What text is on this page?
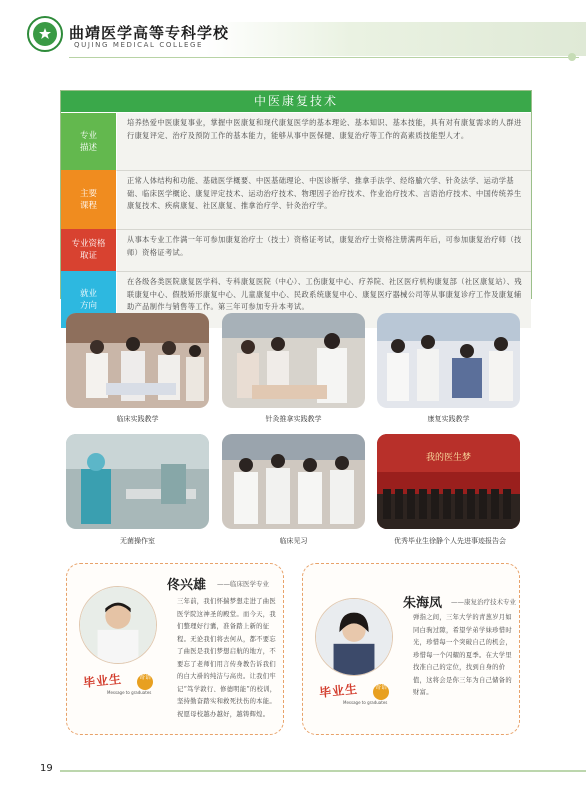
曲靖医学高等专科学校
QUJING MEDICAL COLLEGE
中医康复技术
专业
描述
培养热爱中医康复事业，掌握中医康复和现代康复医学的基本理论、基本知识、基本技能，具有对有康复需求的人群进行康复评定、治疗及预防工作的基本能力，能够从事中医保健、康复治疗等工作的高素质技能型人才。
主要
课程
正常人体结构和功能、基础医学概要、中医基础理论、中医诊断学、推拿手法学、经络腧穴学、针灸法学、运动学基础、临床医学概论、康复评定技术、运动治疗技术、物理因子治疗技术、作业治疗技术、言语治疗技术、中国传统养生康复技术、疾病康复、社区康复、推拿治疗学、针灸治疗学。
专业资格
取证
从事本专业工作满一年可参加康复治疗士（技士）资格证考试，康复治疗士资格注册满两年后，可参加康复治疗师（技师）资格证考试。
就业
方向
在各级各类医院康复医学科、专科康复医院（中心）、工伤康复中心、疗养院、社区医疗机构康复部（社区康复站）、残联康复中心、假肢矫形康复中心、儿童康复中心、民政系统康复中心、康复医疗器械公司等从事康复诊疗工作及康复辅助产品制作与销售等工作。第三年可参加专升本考试。
临床实践教学	针灸推拿实践教学	康复实践教学
无菌操作室	临床见习
我的医生梦
优秀毕业生徐静个人先进事迹报告会
佟兴雄 ——临床医学专业
三年前，我们怀揣梦想走进了曲医医学院这神圣的殿堂。而今天，我们整理好行囊，准备踏上新的征程。无论我们将去何从，都不要忘了曲医是我们梦想启航的地方，不要忘了老师们用言传身教告诉我们的白大褂的纯洁与高贵。让我们牢记“笃学敦行、修德明能”的校训，坚持勤奋踏实和救死扶伤的本能。祝愿母校越办越好，越铸辉煌。
毕业生	寄语
Message to graduates
朱海凤 ——康复治疗技术专业
弹指之间，三年大学的青葱岁月如同白驹过隙，希望学弟学妹珍惜时光，珍惜每一个突破自己的机会，珍惜每一个闪耀的夏季。在大学里找准自己的定位，找到自身的价值，这将会是你三年为自己储备的财富。
毕业生	寄语
Message to graduates
19
